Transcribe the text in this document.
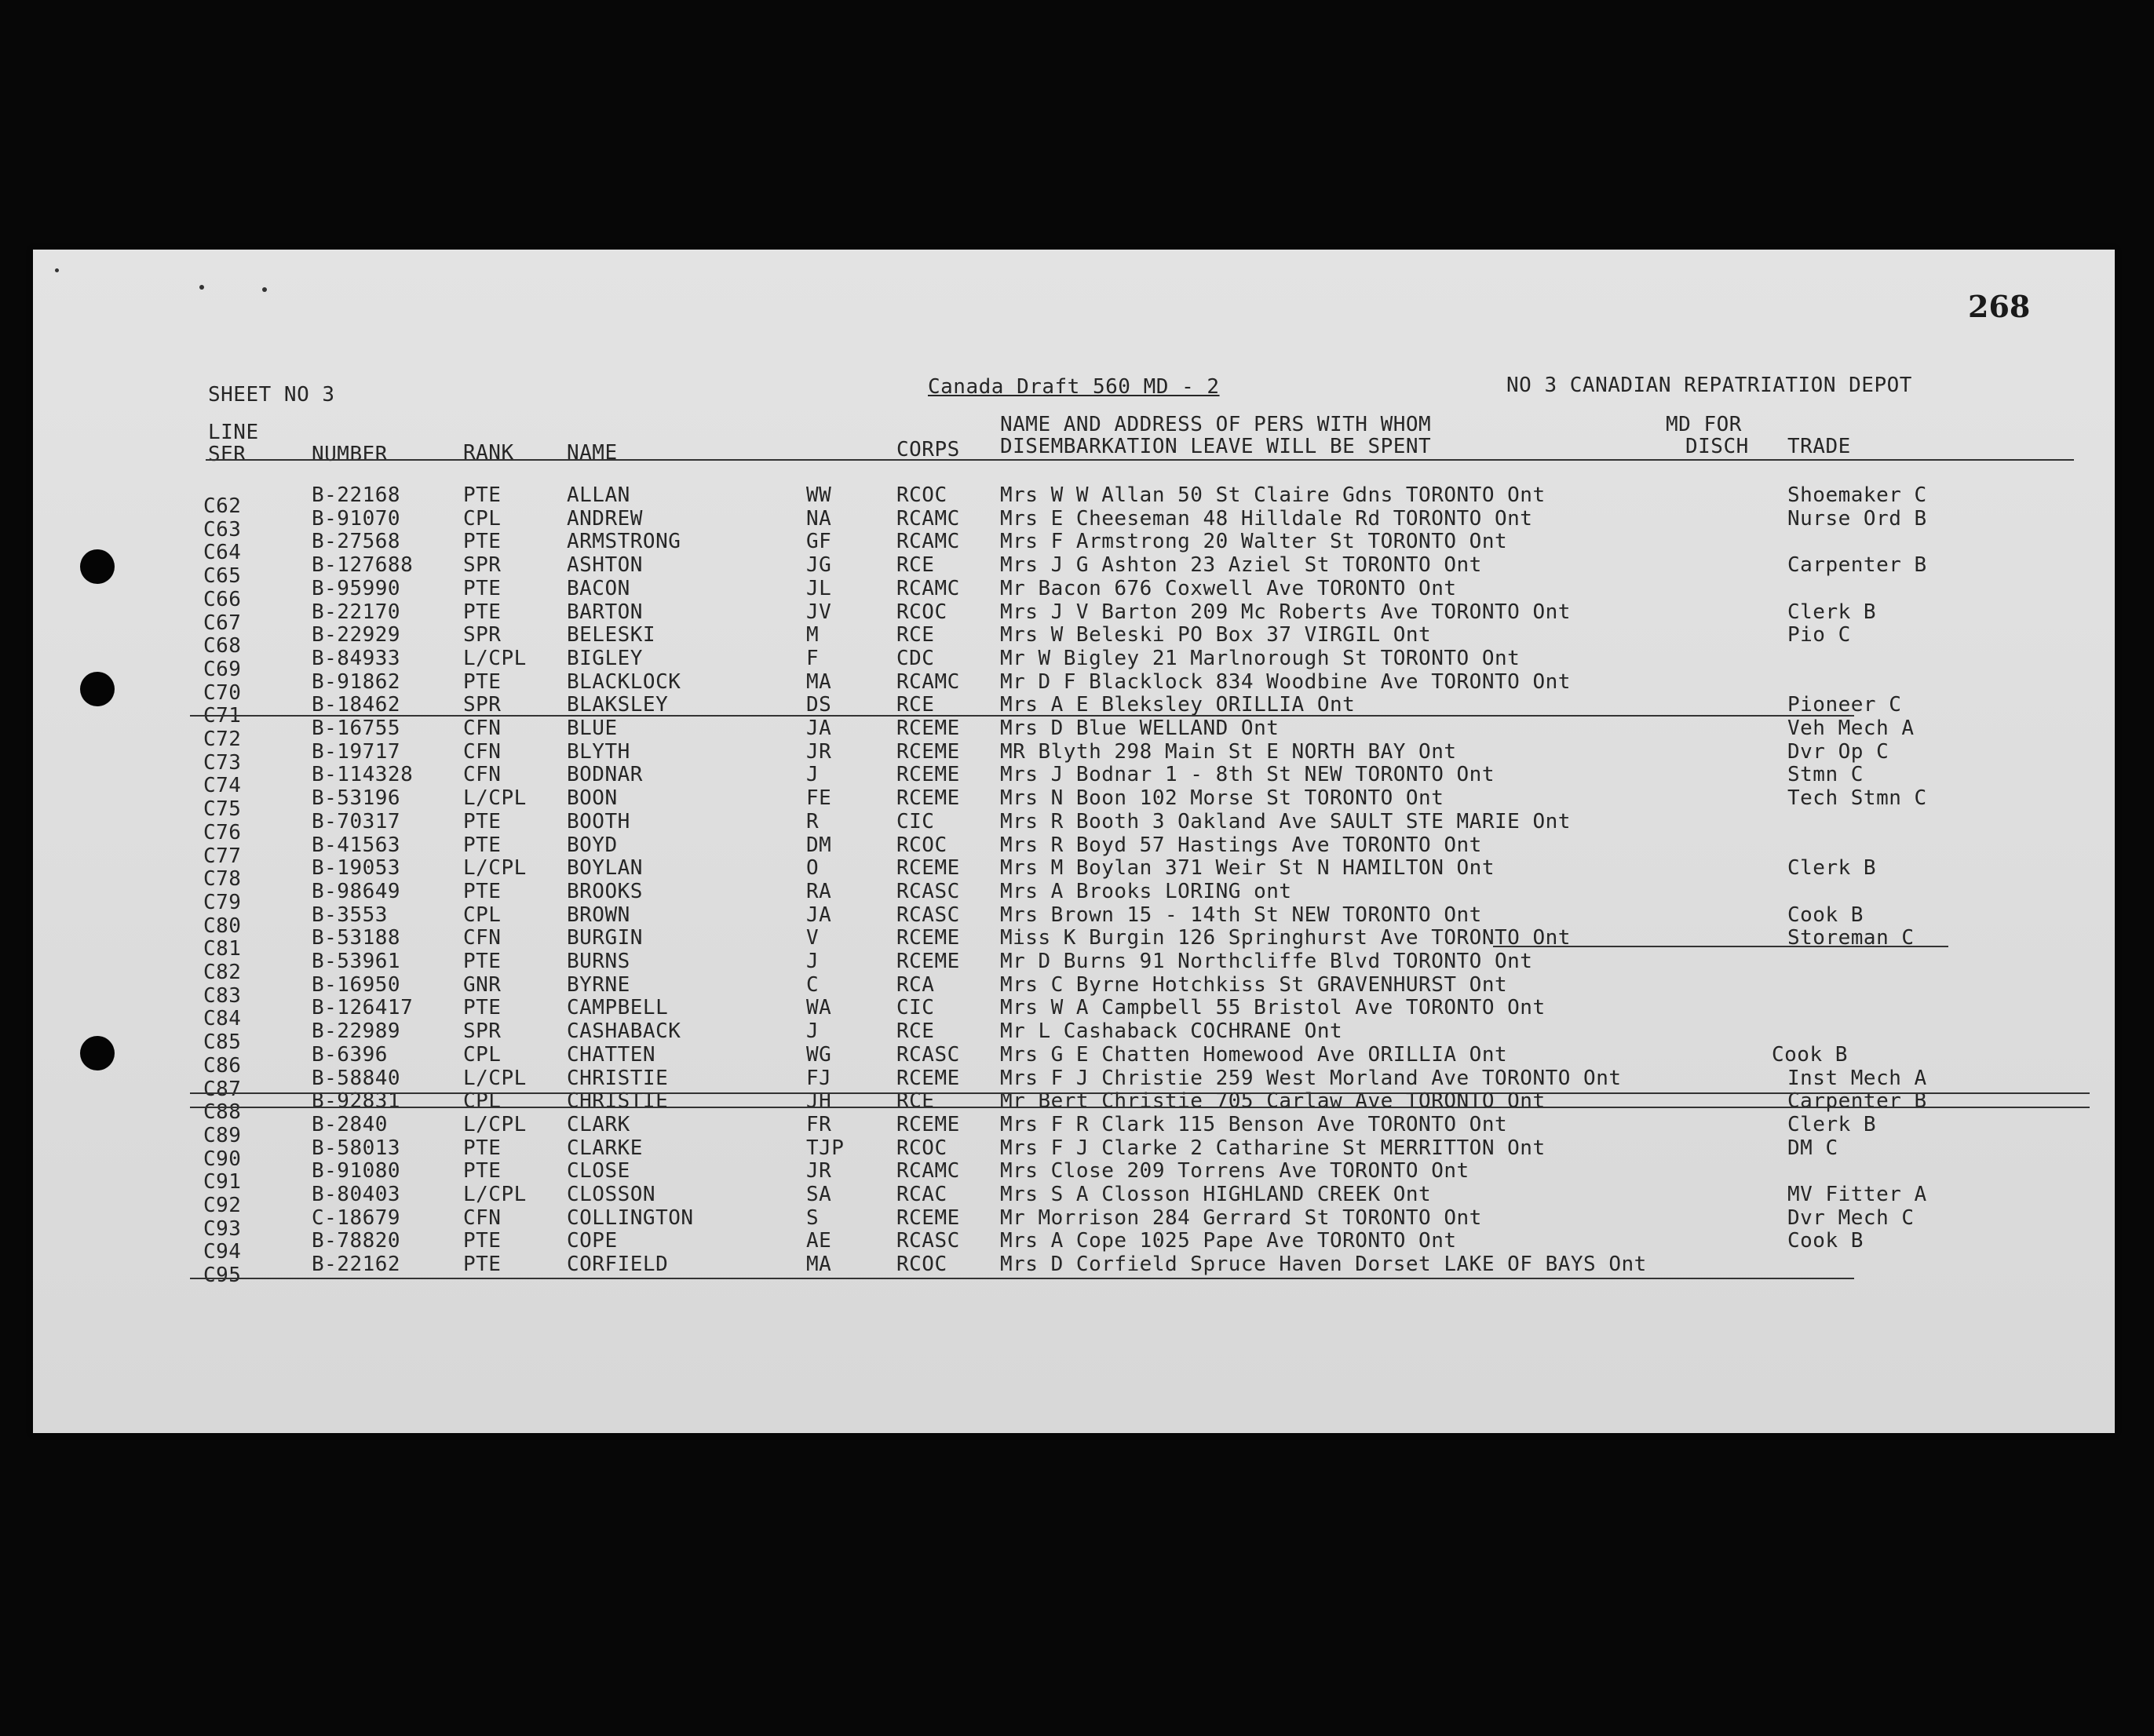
268
SHEET NO 3	Canada Draft 560 MD - 2	NO 3 CANADIAN REPATRIATION DEPOT
LINE
SER	NUMBER	RANK	NAME	CORPS
NAME AND ADDRESS OF PERS WITH WHOM
DISEMBARKATION LEAVE WILL BE SPENT
MD FOR
DISCH TRADE
C62	B-22168	PTE	ALLAN	WW	RCOC	Mrs W W Allan 50 St Claire Gdns TORONTO Ont	Shoemaker C
C63	B-91070	CPL	ANDREW	NA	RCAMC Mrs E Cheeseman 48 Hilldale Rd TORONTO Ont	Nurse Ord B
C64	B-27568	PTE	ARMSTRONG	GF	RCAMC Mrs F Armstrong 20 Walter St TORONTO Ont
C65	B-127688 SPR	ASHTON	JG	RCE	Mrs J G Ashton 23 Aziel St TORONTO Ont	Carpenter B
C66	B-95990	PTE	BACON	JL	RCAMC Mr Bacon 676 Coxwell Ave TORONTO Ont
C67	B-22170	PTE	BARTON	JV	RCOC	Mrs J V Barton 209 Mc Roberts Ave TORONTO Ont	Clerk B
C68	B-22929	SPR	BELESKI	M	RCE	Mrs W Beleski PO Box 37 VIRGIL Ont	Pio C
C69	B-84933	L/CPL BIGLEY	F	CDC	Mr W Bigley 21 Marlnorough St TORONTO Ont
C70	B-91862	PTE	BLACKLOCK	MA	RCAMC Mr D F Blacklock 834 Woodbine Ave TORONTO Ont
C71	B-18462	SPR	BLAKSLEY	DS	RCE	Mrs A E Bleksley ORILLIA Ont	Pioneer C
C72	B-16755	CFN	BLUE	JA	RCEME Mrs D Blue WELLAND Ont	Veh Mech A
C73	B-19717	CFN	BLYTH	JR	RCEME MR Blyth 298 Main St E NORTH BAY Ont	Dvr Op C
C74	B-114328 CFN	BODNAR	J	RCEME Mrs J Bodnar 1 - 8th St NEW TORONTO Ont	Stmn C
C75	B-53196	L/CPL BOON	FE	RCEME Mrs N Boon 102 Morse St TORONTO Ont	Tech Stmn C
C76	B-70317	PTE	BOOTH	R	CIC	Mrs R Booth 3 Oakland Ave SAULT STE MARIE Ont
C77	B-41563	PTE	BOYD	DM	RCOC	Mrs R Boyd 57 Hastings Ave TORONTO Ont
C78	B-19053	L/CPL BOYLAN	O	RCEME Mrs M Boylan 371 Weir St N HAMILTON Ont	Clerk B
C79	B-98649	PTE	BROOKS	RA	RCASC Mrs A Brooks LORING ont
C80	B-3553	CPL	BROWN	JA	RCASC Mrs Brown 15 - 14th St NEW TORONTO Ont	Cook B
C81	B-53188	CFN	BURGIN	V	RCEME Miss K Burgin 126 Springhurst Ave TORONTO Ont	Storeman C
C82	B-53961	PTE	BURNS	J	RCEME Mr D Burns 91 Northcliffe Blvd TORONTO Ont
C83	B-16950	GNR	BYRNE	C	RCA	Mrs C Byrne Hotchkiss St GRAVENHURST Ont
C84	B-126417 PTE	CAMPBELL	WA	CIC	Mrs W A Campbell 55 Bristol Ave TORONTO Ont
C85	B-22989	SPR	CASHABACK	J	RCE	Mr L Cashaback COCHRANE Ont
C86	B-6396	CPL	CHATTEN	WG	RCASC Mrs G E Chatten Homewood Ave ORILLIA Ont	Cook B
C87	B-58840	L/CPL CHRISTIE	FJ	RCEME Mrs F J Christie 259 West Morland Ave TORONTO Ont	Inst Mech A
C88	B-92831	CPL	CHRISTIE	JH	RCE	Mr Bert Christie 705 Carlaw Ave TORONTO Ont	Carpenter B
C89	B-2840	L/CPL CLARK	FR	RCEME Mrs F R Clark 115 Benson Ave TORONTO Ont	Clerk B
C90	B-58013	PTE	CLARKE	TJP	RCOC	Mrs F J Clarke 2 Catharine St MERRITTON Ont	DM C
C91	B-91080	PTE	CLOSE	JR	RCAMC Mrs Close 209 Torrens Ave TORONTO Ont
C92	B-80403	L/CPL CLOSSON	SA	RCAC	Mrs S A Closson HIGHLAND CREEK Ont	MV Fitter A
C93	C-18679	CFN	COLLINGTON	S	RCEME Mr Morrison 284 Gerrard St TORONTO Ont	Dvr Mech C
C94	B-78820	PTE	COPE	AE	RCASC Mrs A Cope 1025 Pape Ave TORONTO Ont	Cook B
C95	B-22162	PTE	CORFIELD	MA	RCOC	Mrs D Corfield Spruce Haven Dorset LAKE OF BAYS Ont
